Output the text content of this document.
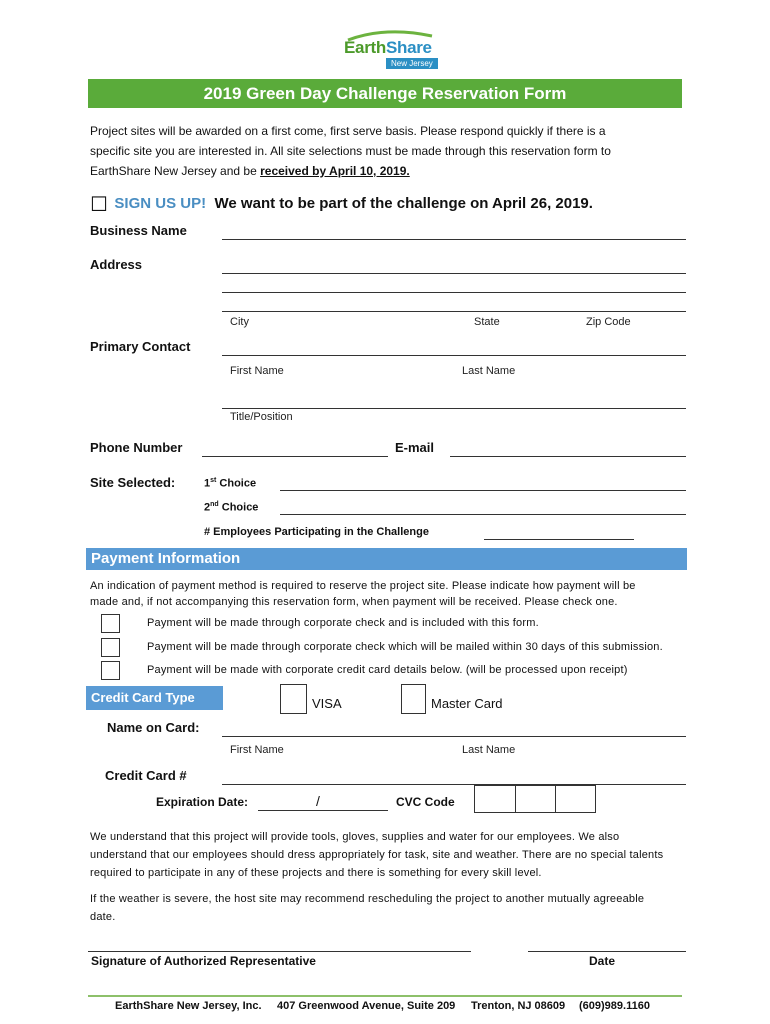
EarthShare
New Jersey
2019 Green Day Challenge Reservation Form
Project sites will be awarded on a first come, first serve basis. Please respond quickly if there is a
specific site you are interested in. All site selections must be made through this reservation form to
EarthShare New Jersey and be received by April 10, 2019.
☐ SIGN US UP! We want to be part of the challenge on April 26, 2019.
Business Name
Address
City	State	Zip Code
Primary Contact
First Name	Last Name
Title/Position
Phone Number	E-mail
Site Selected:	1st Choice
2nd Choice
# Employees Participating in the Challenge
Payment Information
An indication of payment method is required to reserve the project site. Please indicate how payment will be
made and, if not accompanying this reservation form, when payment will be received. Please check one.
Payment will be made through corporate check and is included with this form.
Payment will be made through corporate check which will be mailed within 30 days of this submission.
Payment will be made with corporate credit card details below. (will be processed upon receipt)
Credit Card Type	VISA	Master Card
Name on Card:
First Name	Last Name
Credit Card #
Expiration Date:	/	CVC Code
We understand that this project will provide tools, gloves, supplies and water for our employees. We also
understand that our employees should dress appropriately for task, site and weather. There are no special talents
required to participate in any of these projects and there is something for every skill level.
If the weather is severe, the host site may recommend rescheduling the project to another mutually agreeable
date.
Signature of Authorized Representative	Date
EarthShare New Jersey, Inc. 407 Greenwood Avenue, Suite 209 Trenton, NJ 08609 (609)989.1160
